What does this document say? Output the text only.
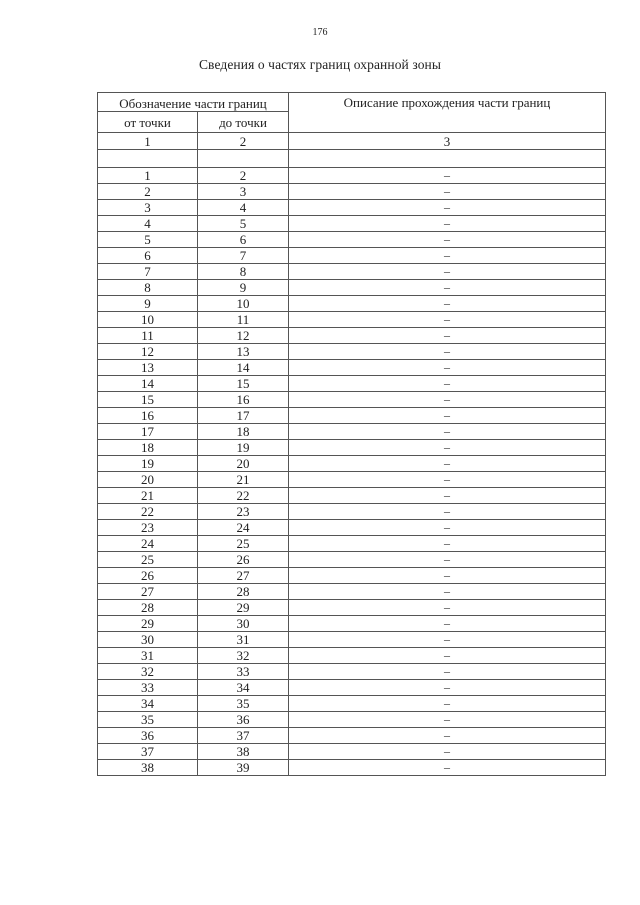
176
Сведения о частях границ охранной зоны
Обозначение части границ		Описание прохождения части границ
от точки	до точки	
1	2	3

1	2	–
2	3	–
3	4	–
4	5	–
5	6	–
6	7	–
7	8	–
8	9	–
9	10	–
10	11	–
11	12	–
12	13	–
13	14	–
14	15	–
15	16	–
16	17	–
17	18	–
18	19	–
19	20	–
20	21	–
21	22	–
22	23	–
23	24	–
24	25	–
25	26	–
26	27	–
27	28	–
28	29	–
29	30	–
30	31	–
31	32	–
32	33	–
33	34	–
34	35	–
35	36	–
36	37	–
37	38	–
38	39	–
